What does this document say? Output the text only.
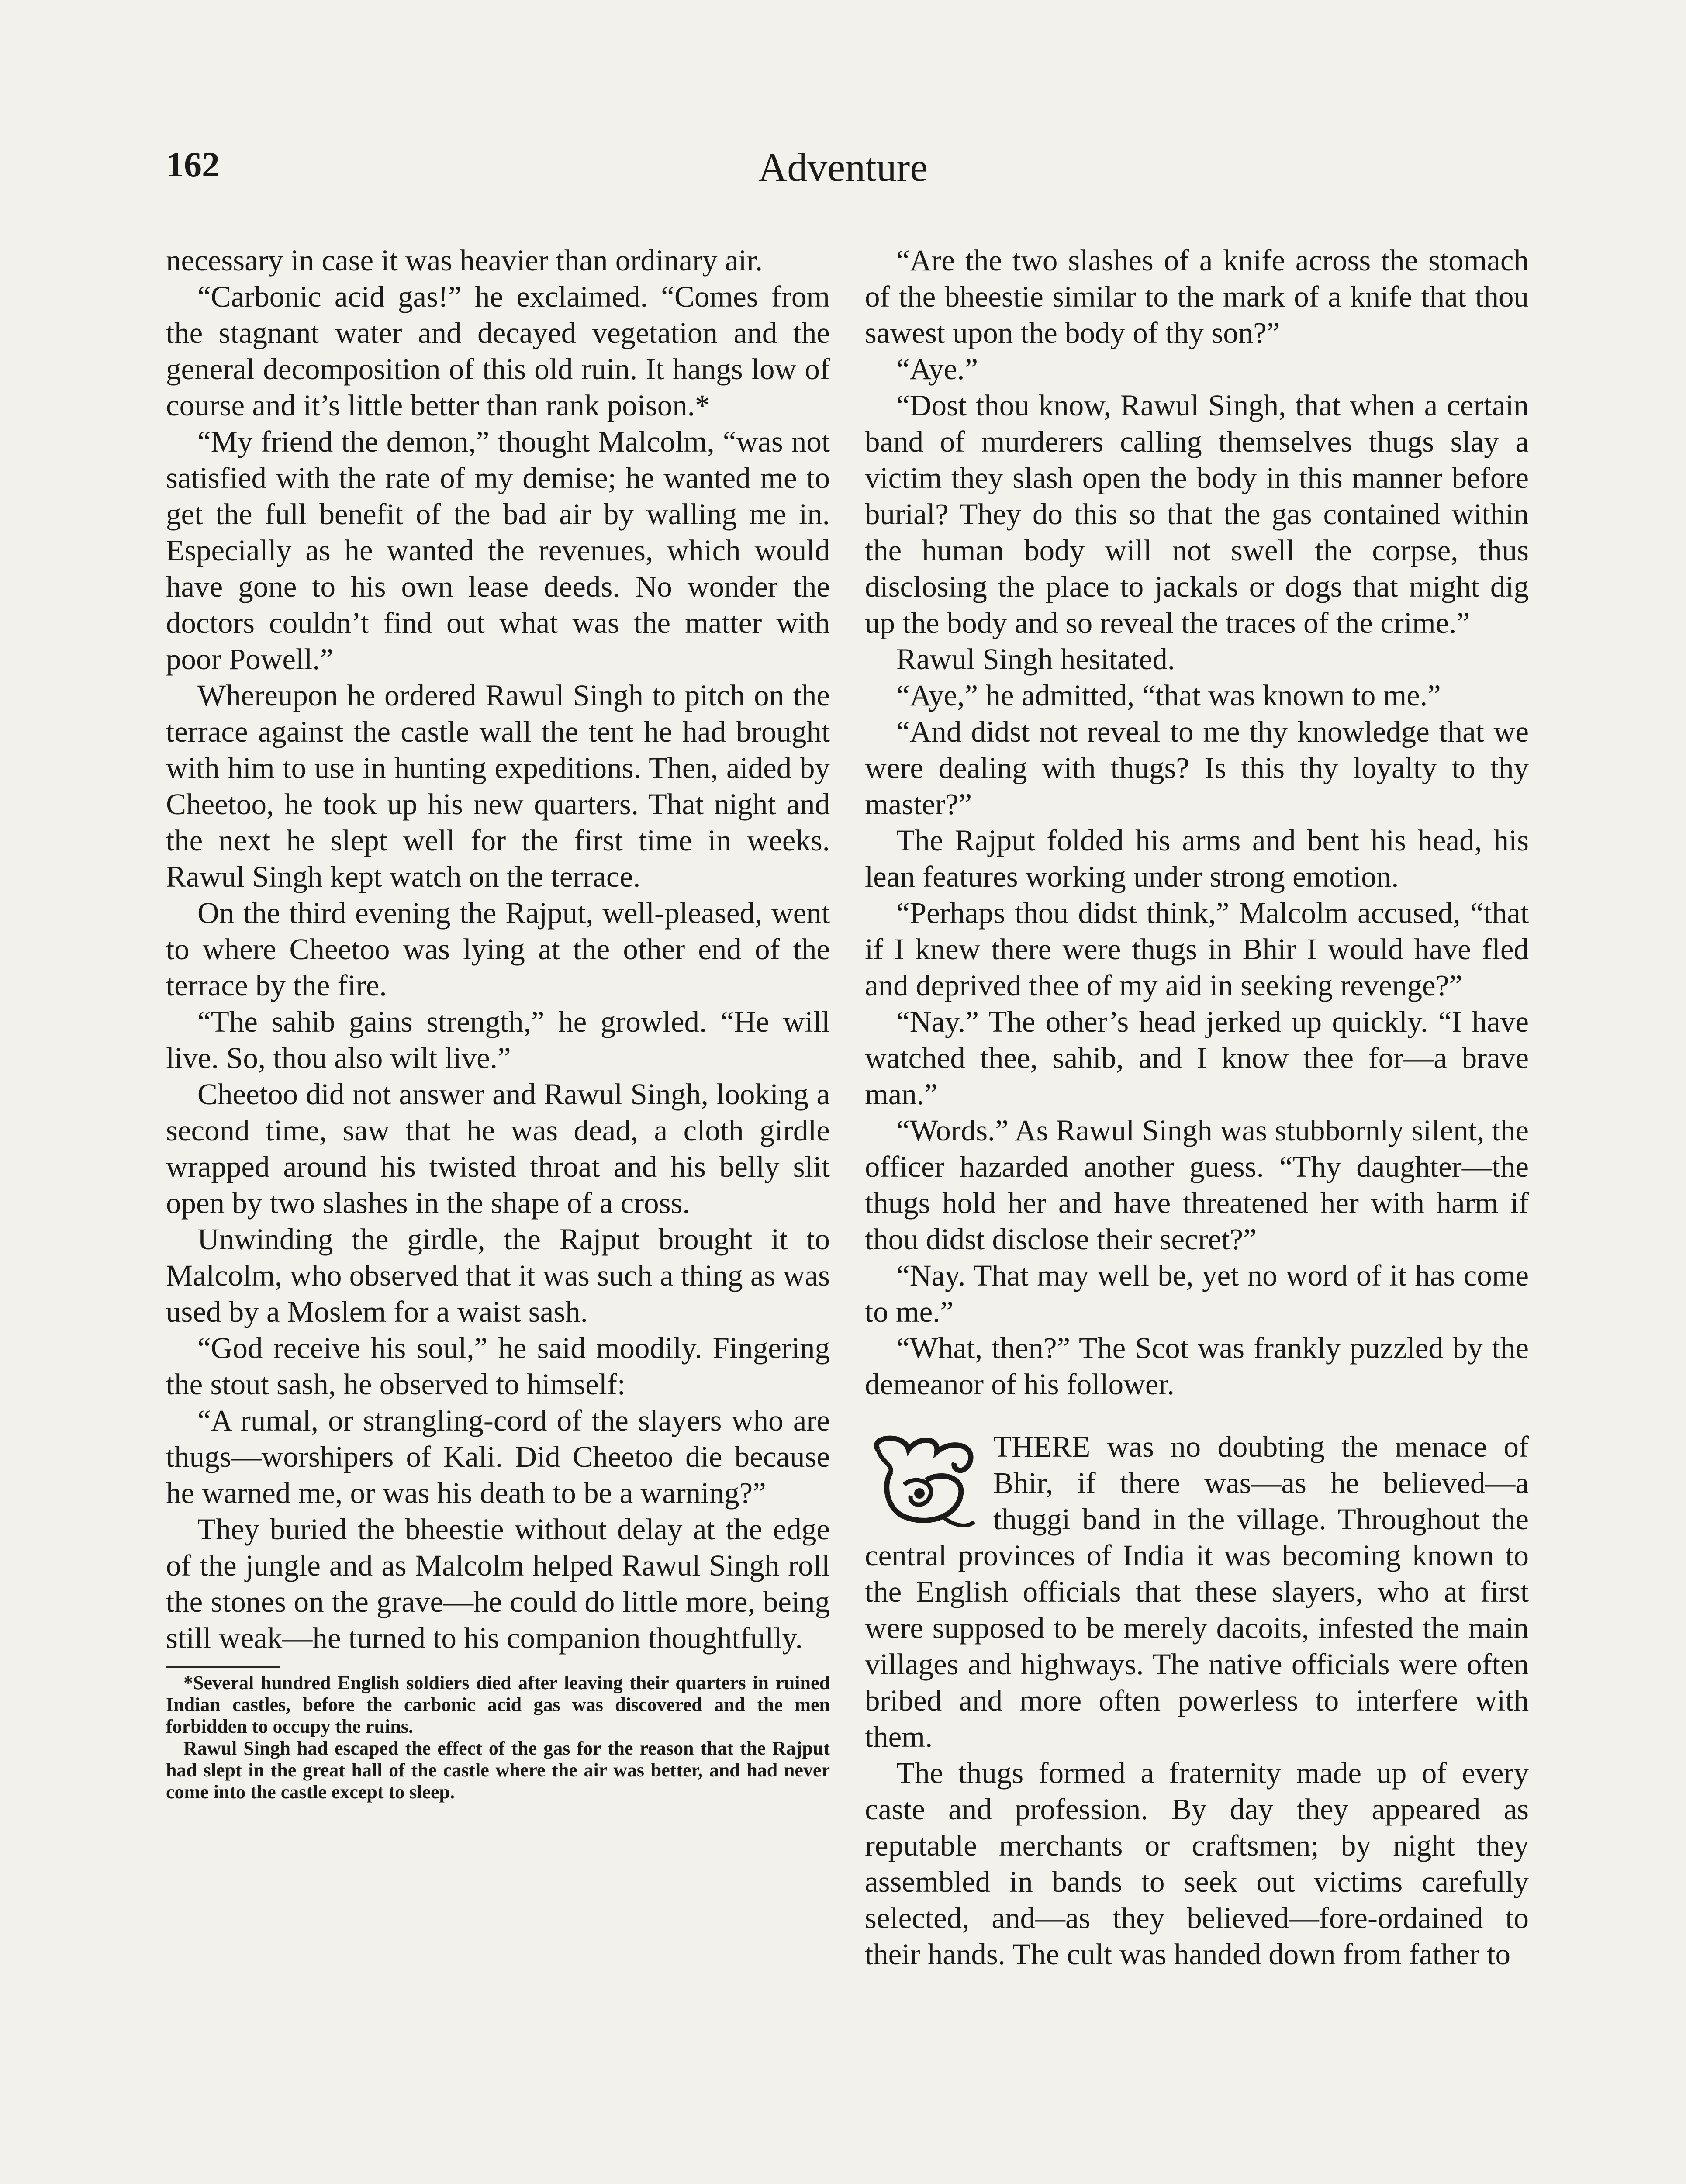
162	Adventure

necessary in case it was heavier than ordinary air.

“Carbonic acid gas!” he exclaimed. “Comes from the stagnant water and decayed vegetation and the general decomposition of this old ruin. It hangs low of course and it’s little better than rank poison.*

“My friend the demon,” thought Malcolm, “was not satisfied with the rate of my demise; he wanted me to get the full benefit of the bad air by walling me in. Especially as he wanted the revenues, which would have gone to his own lease deeds. No wonder the doctors couldn’t find out what was the matter with poor Powell.”

Whereupon he ordered Rawul Singh to pitch on the terrace against the castle wall the tent he had brought with him to use in hunting expeditions. Then, aided by Cheetoo, he took up his new quarters. That night and the next he slept well for the first time in weeks. Rawul Singh kept watch on the terrace.

On the third evening the Rajput, well-pleased, went to where Cheetoo was lying at the other end of the terrace by the fire.

“The sahib gains strength,” he growled. “He will live. So, thou also wilt live.”

Cheetoo did not answer and Rawul Singh, looking a second time, saw that he was dead, a cloth girdle wrapped around his twisted throat and his belly slit open by two slashes in the shape of a cross.

Unwinding the girdle, the Rajput brought it to Malcolm, who observed that it was such a thing as was used by a Moslem for a waist sash.

“God receive his soul,” he said moodily. Fingering the stout sash, he observed to himself:

“A rumal, or strangling-cord of the slayers who are thugs—worshipers of Kali. Did Cheetoo die because he warned me, or was his death to be a warning?”

They buried the bheestie without delay at the edge of the jungle and as Malcolm helped Rawul Singh roll the stones on the grave—he could do little more, being still weak—he turned to his companion thoughtfully.

*Several hundred English soldiers died after leaving their quarters in ruined Indian castles, before the carbonic acid gas was discovered and the men forbidden to occupy the ruins.

Rawul Singh had escaped the effect of the gas for the reason that the Rajput had slept in the great hall of the castle where the air was better, and had never come into the castle except to sleep.

“Are the two slashes of a knife across the stomach of the bheestie similar to the mark of a knife that thou sawest upon the body of thy son?”

“Aye.”

“Dost thou know, Rawul Singh, that when a certain band of murderers calling themselves thugs slay a victim they slash open the body in this manner before burial? They do this so that the gas contained within the human body will not swell the corpse, thus disclosing the place to jackals or dogs that might dig up the body and so reveal the traces of the crime.”

Rawul Singh hesitated.

“Aye,” he admitted, “that was known to me.”

“And didst not reveal to me thy knowledge that we were dealing with thugs? Is this thy loyalty to thy master?”

The Rajput folded his arms and bent his head, his lean features working under strong emotion.

“Perhaps thou didst think,” Malcolm accused, “that if I knew there were thugs in Bhir I would have fled and deprived thee of my aid in seeking revenge?”

“Nay.” The other’s head jerked up quickly. “I have watched thee, sahib, and I know thee for—a brave man.”

“Words.” As Rawul Singh was stubbornly silent, the officer hazarded another guess. “Thy daughter—the thugs hold her and have threatened her with harm if thou didst disclose their secret?”

“Nay. That may well be, yet no word of it has come to me.”

“What, then?” The Scot was frankly puzzled by the demeanor of his follower.

THERE was no doubting the menace of Bhir, if there was—as he believed—a thuggi band in the village. Throughout the central provinces of India it was becoming known to the English officials that these slayers, who at first were supposed to be merely dacoits, infested the main villages and highways. The native officials were often bribed and more often powerless to interfere with them.

The thugs formed a fraternity made up of every caste and profession. By day they appeared as reputable merchants or craftsmen; by night they assembled in bands to seek out victims carefully selected, and—as they believed—fore-ordained to their hands. The cult was handed down from father to
